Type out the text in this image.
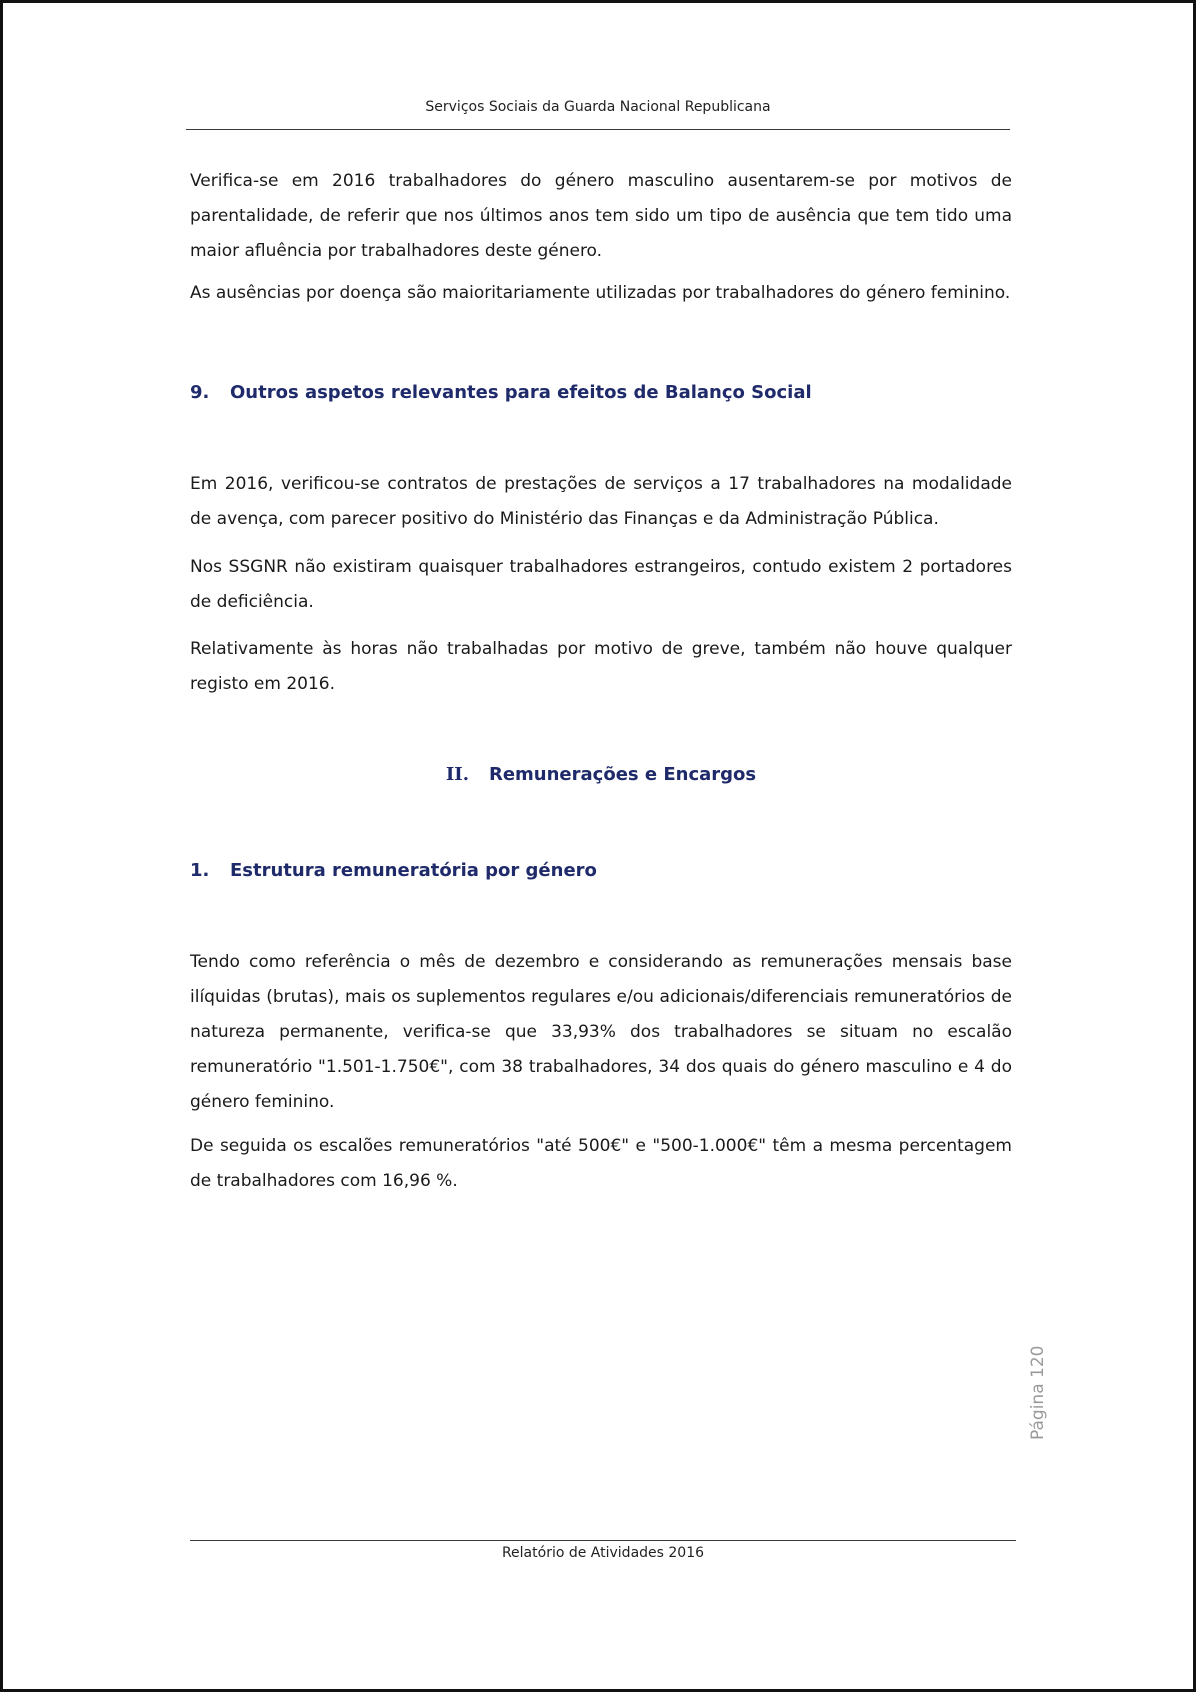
Serviços Sociais da Guarda Nacional Republicana

Verifica-se em 2016 trabalhadores do género masculino ausentarem-se por motivos de parentalidade, de referir que nos últimos anos tem sido um tipo de ausência que tem tido uma maior afluência por trabalhadores deste género.

As ausências por doença são maioritariamente utilizadas por trabalhadores do género feminino.

9. Outros aspetos relevantes para efeitos de Balanço Social

Em 2016, verificou-se contratos de prestações de serviços a 17 trabalhadores na modalidade de avença, com parecer positivo do Ministério das Finanças e da Administração Pública.

Nos SSGNR não existiram quaisquer trabalhadores estrangeiros, contudo existem 2 portadores de deficiência.

Relativamente às horas não trabalhadas por motivo de greve, também não houve qualquer registo em 2016.

II. Remunerações e Encargos
1. Estrutura remuneratória por género

Tendo como referência o mês de dezembro e considerando as remunerações mensais base ilíquidas (brutas), mais os suplementos regulares e/ou adicionais/diferenciais remuneratórios de natureza permanente, verifica-se que 33,93% dos trabalhadores se situam no escalão remuneratório "1.501-1.750€", com 38 trabalhadores, 34 dos quais do género masculino e 4 do género feminino.

De seguida os escalões remuneratórios "até 500€" e "500-1.000€" têm a mesma percentagem de trabalhadores com 16,96 %.

Página 120
Relatório de Atividades 2016
